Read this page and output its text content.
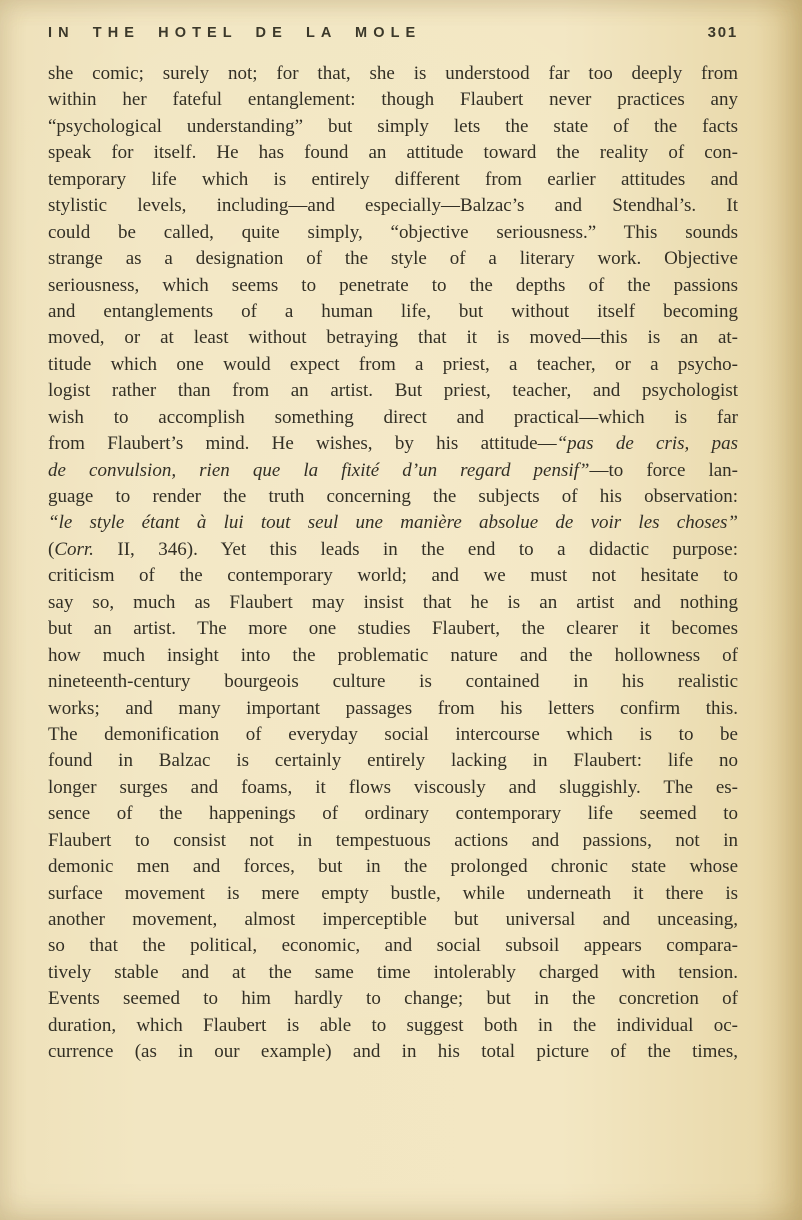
IN THE HOTEL DE LA MOLE	301
she comic; surely not; for that, she is understood far too deeply from
within her fateful entanglement: though Flaubert never practices any
“psychological understanding” but simply lets the state of the facts
speak for itself. He has found an attitude toward the reality of con-
temporary life which is entirely different from earlier attitudes and
stylistic levels, including—and especially—Balzac’s and Stendhal’s. It
could be called, quite simply, “objective seriousness.” This sounds
strange as a designation of the style of a literary work. Objective
seriousness, which seems to penetrate to the depths of the passions
and entanglements of a human life, but without itself becoming
moved, or at least without betraying that it is moved—this is an at-
titude which one would expect from a priest, a teacher, or a psycho-
logist rather than from an artist. But priest, teacher, and psychologist
wish to accomplish something direct and practical—which is far
from Flaubert’s mind. He wishes, by his attitude—“pas de cris, pas
de convulsion, rien que la fixité d’un regard pensif”—to force lan-
guage to render the truth concerning the subjects of his observation:
“le style étant à lui tout seul une manière absolue de voir les choses”
(Corr. II, 346). Yet this leads in the end to a didactic purpose:
criticism of the contemporary world; and we must not hesitate to
say so, much as Flaubert may insist that he is an artist and nothing
but an artist. The more one studies Flaubert, the clearer it becomes
how much insight into the problematic nature and the hollowness of
nineteenth-century bourgeois culture is contained in his realistic
works; and many important passages from his letters confirm this.
The demonification of everyday social intercourse which is to be
found in Balzac is certainly entirely lacking in Flaubert: life no
longer surges and foams, it flows viscously and sluggishly. The es-
sence of the happenings of ordinary contemporary life seemed to
Flaubert to consist not in tempestuous actions and passions, not in
demonic men and forces, but in the prolonged chronic state whose
surface movement is mere empty bustle, while underneath it there is
another movement, almost imperceptible but universal and unceasing,
so that the political, economic, and social subsoil appears compara-
tively stable and at the same time intolerably charged with tension.
Events seemed to him hardly to change; but in the concretion of
duration, which Flaubert is able to suggest both in the individual oc-
currence (as in our example) and in his total picture of the times,
